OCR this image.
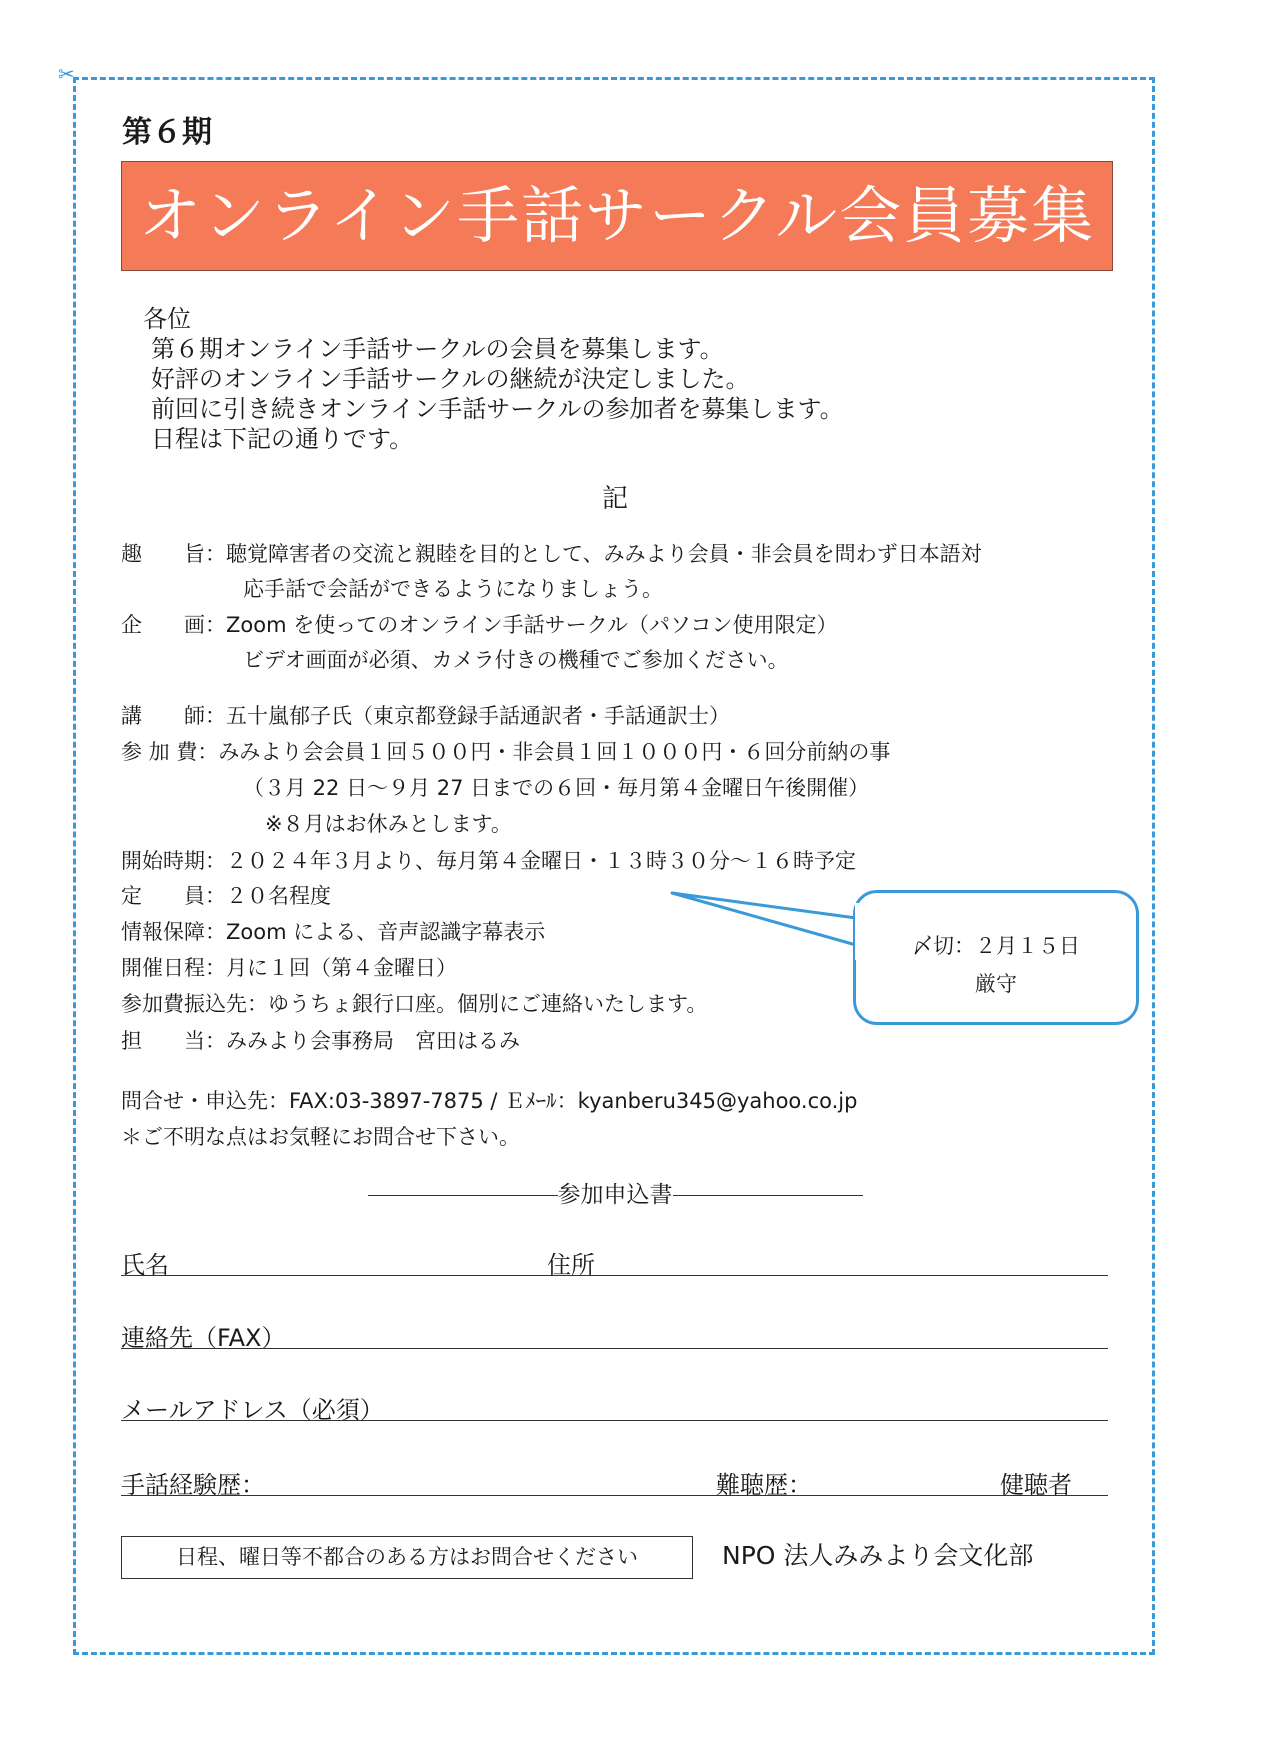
✂
第６期
オンライン手話サークル会員募集
各位
第６期オンライン手話サークルの会員を募集します。
好評のオンライン手話サークルの継続が決定しました。
前回に引き続きオンライン手話サークルの参加者を募集します。
日程は下記の通りです。
記
趣　　旨：聴覚障害者の交流と親睦を目的として、みみより会員・非会員を問わず日本語対
応手話で会話ができるようになりましょう。
企　　画：Zoom を使ってのオンライン手話サークル（パソコン使用限定）
ビデオ画面が必須、カメラ付きの機種でご参加ください。
講　　師：五十嵐郁子氏（東京都登録手話通訳者・手話通訳士）
参 加 費：みみより会会員１回５００円・非会員１回１０００円・６回分前納の事
（３月 22 日～９月 27 日までの６回・毎月第４金曜日午後開催）
※８月はお休みとします。
開始時期：２０２４年３月より、毎月第４金曜日・１３時３０分～１６時予定
定　　員：２０名程度
情報保障：Zoom による、音声認識字幕表示
開催日程：月に１回（第４金曜日）
参加費振込先：ゆうちょ銀行口座。個別にご連絡いたします。
担　　当：みみより会事務局　宮田はるみ
〆切：２月１５日
厳守
問合せ・申込先：FAX:03-3897-7875 / Ｅﾒｰﾙ：kyanberu345@yahoo.co.jp
＊ご不明な点はお気軽にお問合せ下さい。
参加申込書
氏名	住所
連絡先（FAX）
メールアドレス（必須）
手話経験歴：	難聴歴：	健聴者
日程、曜日等不都合のある方はお問合せください	NPO 法人みみより会文化部
